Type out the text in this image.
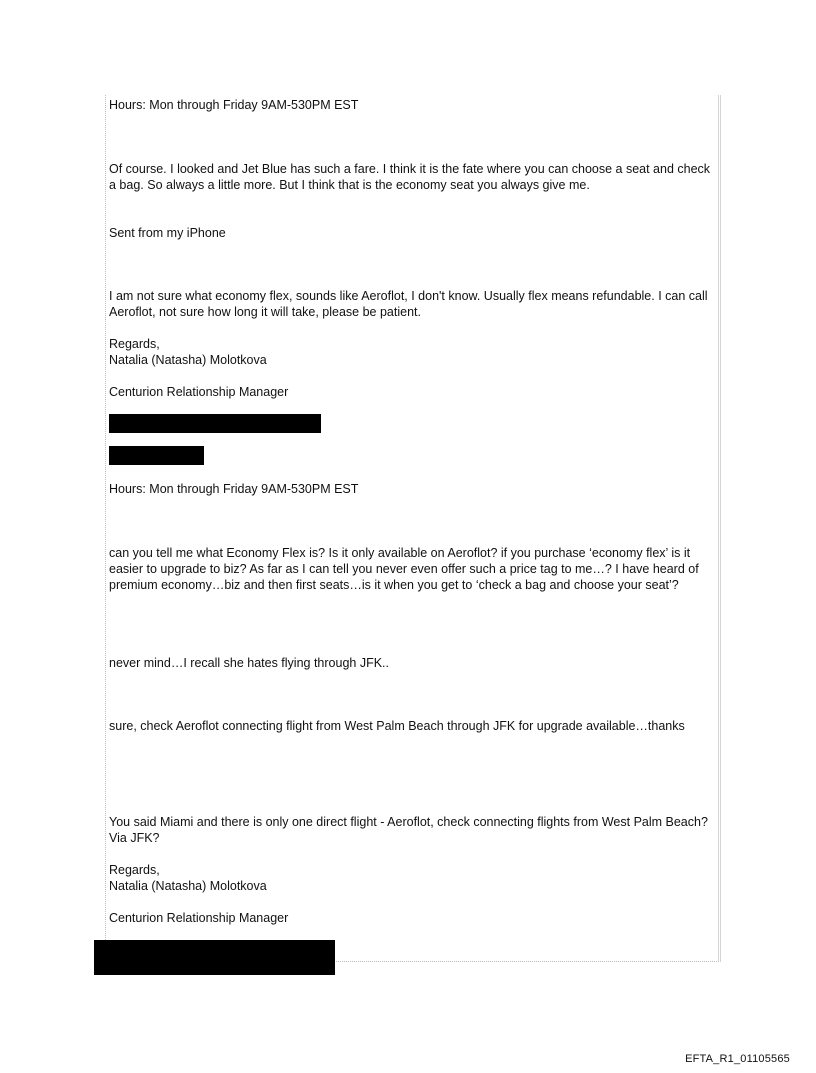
Hours: Mon through Friday 9AM-530PM EST
Of course. I looked and Jet Blue has such a fare. I think it is the fate where you can choose a seat and check a bag. So always a little more. But I think that is the economy seat you always give me.
Sent from my iPhone
I am not sure what economy flex, sounds like Aeroflot, I don't know. Usually flex means refundable. I can call Aeroflot, not sure how long it will take, please be patient.
Regards,
Natalia (Natasha) Molotkova
Centurion Relationship Manager
Hours: Mon through Friday 9AM-530PM EST
can you tell me what Economy Flex is? Is it only available on Aeroflot? if you purchase ‘economy flex’ is it easier to upgrade to biz? As far as I can tell you never even offer such a price tag to me…? I have heard of premium economy…biz and then first seats…is it when you get to ‘check a bag and choose your seat’?
never mind…I recall she hates flying through JFK..
sure, check Aeroflot connecting flight from West Palm Beach through JFK for upgrade available…thanks
You said Miami and there is only one direct flight - Aeroflot, check connecting flights from West Palm Beach? Via JFK?
Regards,
Natalia (Natasha) Molotkova
Centurion Relationship Manager
EFTA_R1_01105565
